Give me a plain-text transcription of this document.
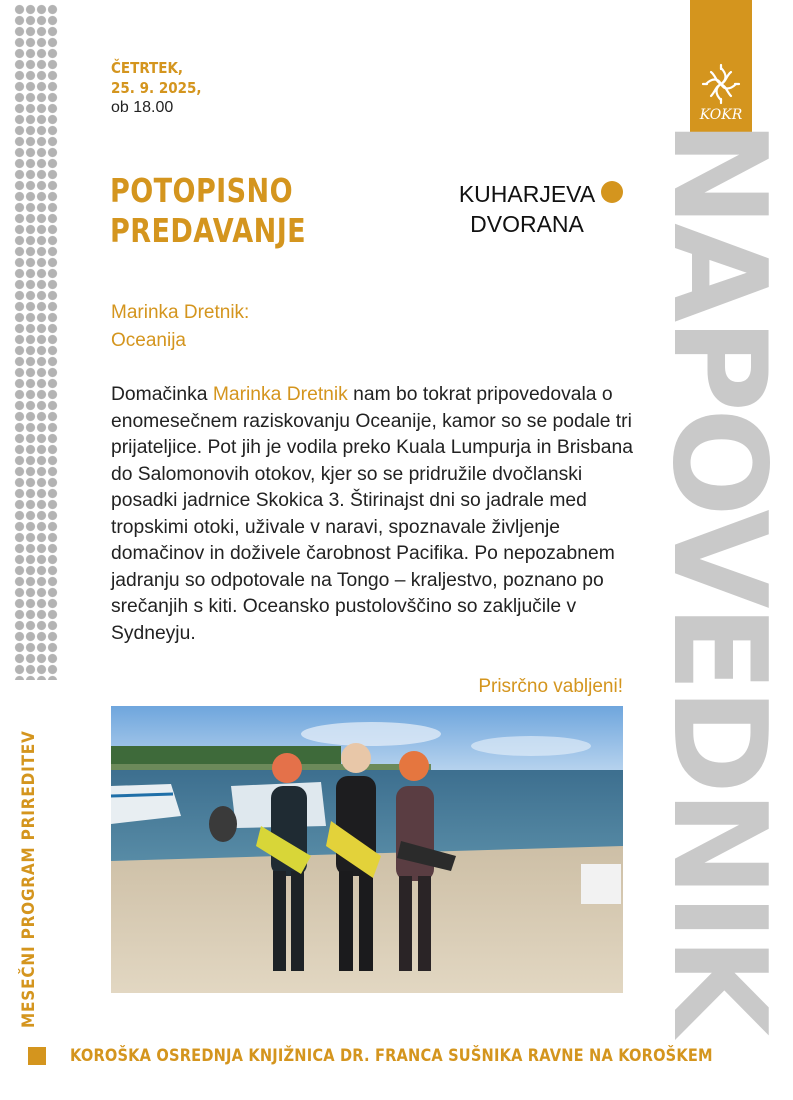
MESEČNI PROGRAM PRIREDITEV
KOKR
NAPOVEDNIK
ČETRTEK,
25. 9. 2025,
ob 18.00
POTOPISNO
PREDAVANJE
KUHARJEVA
DVORANA
Marinka Dretnik:
Oceanija
Domačinka Marinka Dretnik nam bo tokrat pripovedovala o enomesečnem raziskovanju Oceanije, kamor so se podale tri prijateljice. Pot jih je vodila preko Kuala Lumpurja in Brisbana do Salomonovih otokov, kjer so se pridružile dvočlanski posadki jadrnice Skokica 3. Štirinajst dni so jadrale med tropskimi otoki, uživale v naravi, spoznavale življenje domačinov in doživele čarobnost Pacifika. Po nepozabnem jadranju so odpotovale na Tongo – kraljestvo, poznano po srečanjih s kiti. Oceansko pustolovščino so zaključile v Sydneyju.
Prisrčno vabljeni!
KOROŠKA OSREDNJA KNJIŽNICA DR. FRANCA SUŠNIKA RAVNE NA KOROŠKEM
